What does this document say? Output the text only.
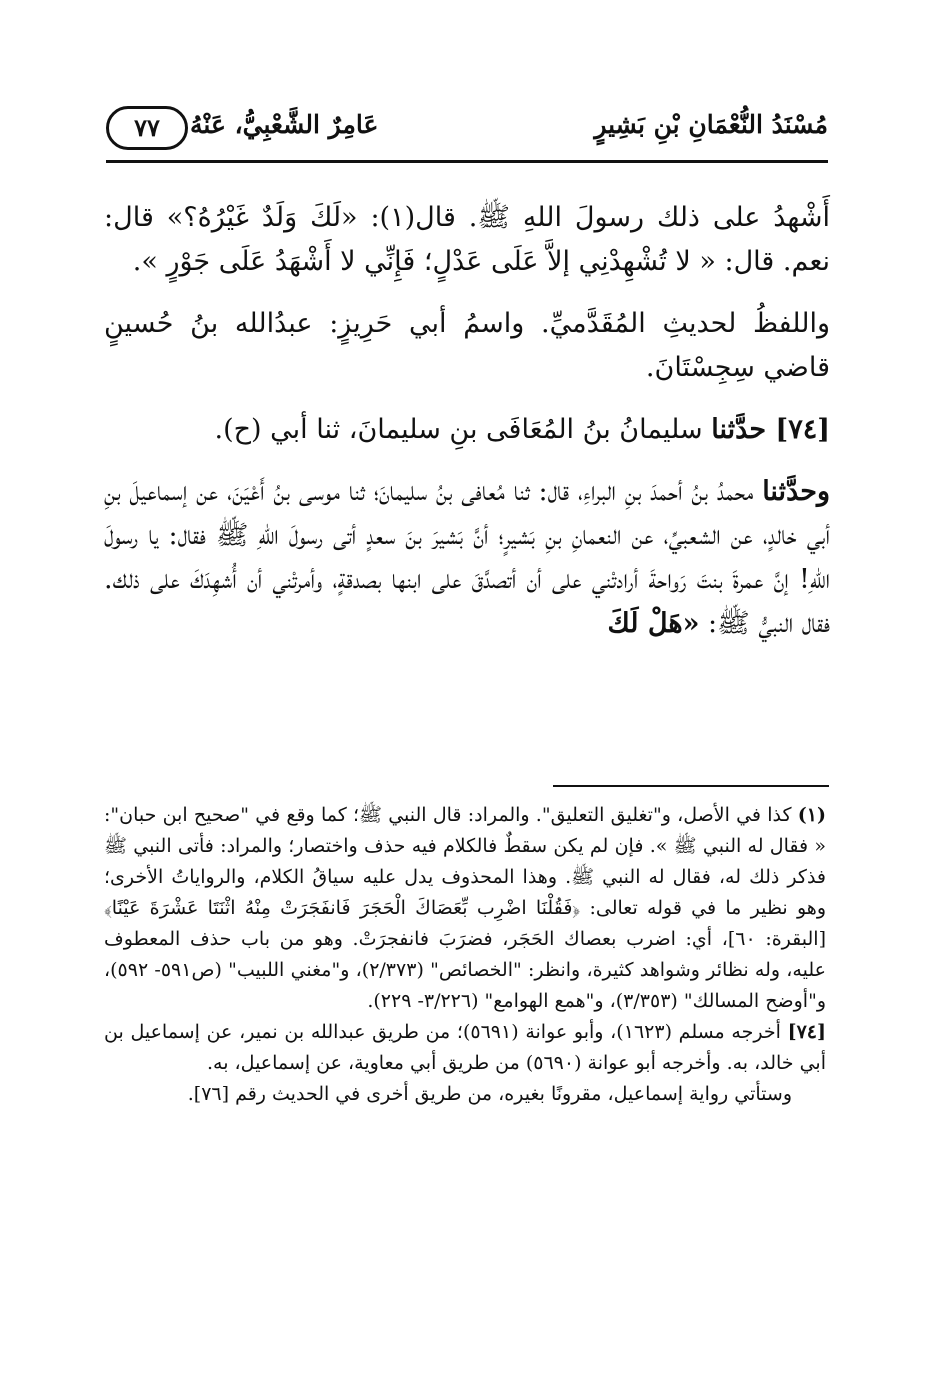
مُسْنَدُ النُّعْمَانِ بْنِ بَشِيرٍ
عَامِرٌ الشَّعْبِيُّ، عَنْهُ
٧٧

أَشْهدُ على ذلك رسولَ اللهِ ﷺ. قال(١): «لَكَ وَلَدٌ غَيْرُهُ؟» قال: نعم. قال: « لا تُشْهِدْنِي إلاَّ عَلَى عَدْلٍ؛ فَإِنِّي لا أَشْهَدُ عَلَى جَوْرٍ ».

واللفظُ لحديثِ المُقَدَّميِّ. واسمُ أبي حَرِيزٍ: عبدُالله بنُ حُسينٍ قاضي سِجِسْتَانَ.

[٧٤] حدَّثنا سليمانُ بنُ المُعَافَى بنِ سليمانَ، ثنا أبي (ح).

وحدَّثنا محمدُ بنُ أحمدَ بنِ البراءِ، قال: ثنا مُعافى بنُ سليمانَ؛ ثنا موسى بنُ أَعْيَنَ، عن إسماعيلَ بنِ أبي خالدٍ، عن الشعبيِّ، عن النعمانِ بنِ بَشيرٍ؛ أنَّ بَشيرَ بنَ سعدٍ أتى رسولَ اللهِ ﷺ فقال: يا رسولَ اللهِ! إنَّ عمرةَ بنتَ رَواحةَ أرادتْني على أن أتصدَّقَ على ابنها بصدقةٍ، وأمرتْني أن أُشهِدَكَ على ذلك. فقال النبيُّ ﷺ: «هَلْ لَكَ

(١) كذا في الأصل، و"تغليق التعليق". والمراد: قال النبي ﷺ؛ كما وقع في "صحيح ابن حبان": « فقال له النبي ﷺ ». فإن لم يكن سقطٌ فالكلام فيه حذف واختصار؛ والمراد: فأتى النبي ﷺ فذكر ذلك له، فقال له النبي ﷺ. وهذا المحذوف يدل عليه سياقُ الكلام، والرواياتُ الأخرى؛ وهو نظير ما في قوله تعالى: ﴿فَقُلْنَا اضْرِب بِّعَصَاكَ الْحَجَرَ فَانفَجَرَتْ مِنْهُ اثْنَتَا عَشْرَةَ عَيْنًا﴾ [البقرة: ٦٠]، أي: اضرب بعصاك الحَجَر، فضرَبَ فانفجرَتْ. وهو من باب حذف المعطوف عليه، وله نظائر وشواهد كثيرة، وانظر: "الخصائص" (٢/٣٧٣)، و"مغني اللبيب" (ص٥٩١- ٥٩٢)، و"أوضح المسالك" (٣/٣٥٣)، و"همع الهوامع" (٣/٢٢٦- ٢٢٩).

[٧٤] أخرجه مسلم (١٦٢٣)، وأبو عوانة (٥٦٩١)؛ من طريق عبدالله بن نمير، عن إسماعيل بن أبي خالد، به. وأخرجه أبو عوانة (٥٦٩٠) من طريق أبي معاوية، عن إسماعيل، به.

وستأتي رواية إسماعيل، مقرونًا بغيره، من طريق أخرى في الحديث رقم [٧٦].
